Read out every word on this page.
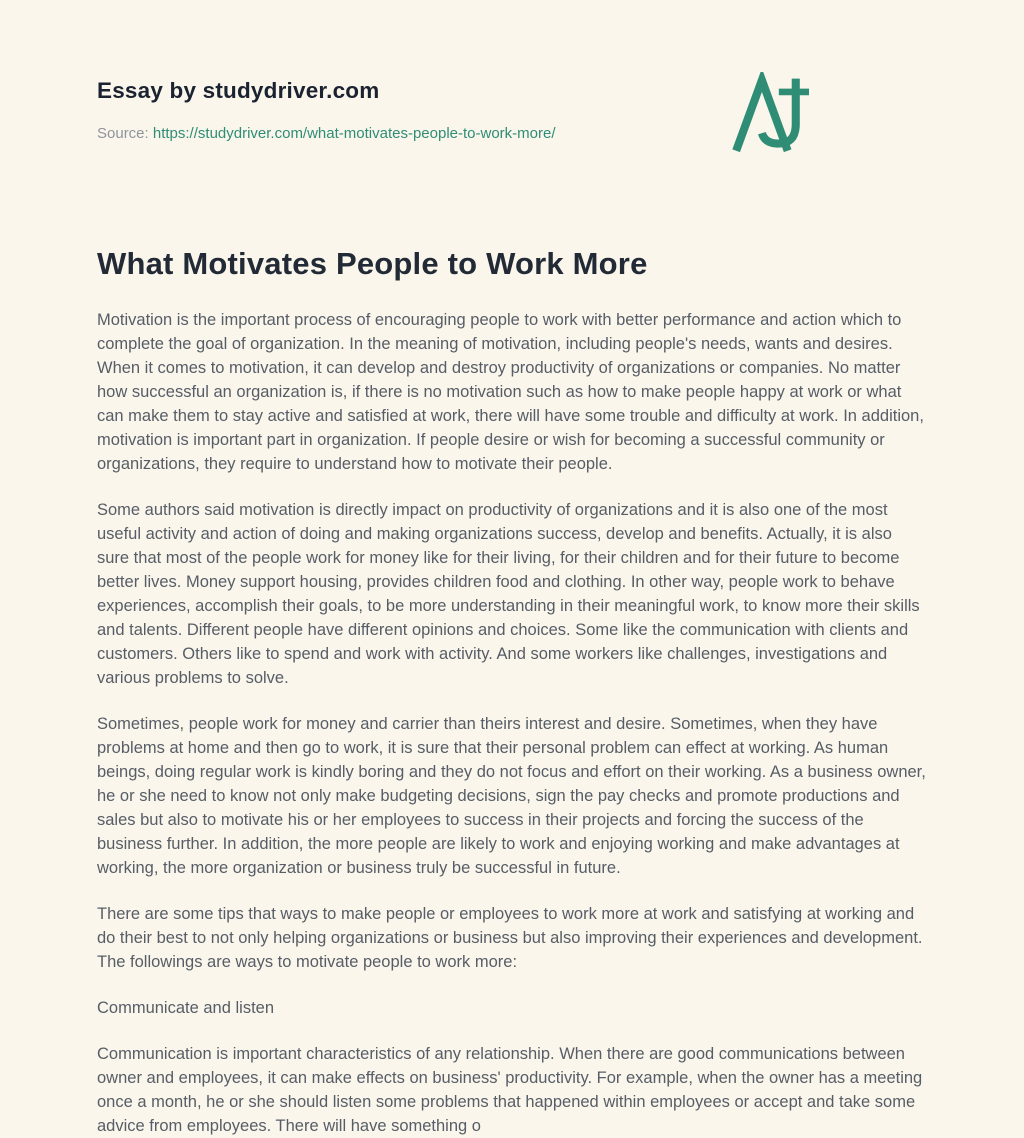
Essay by studydriver.com
Source: https://studydriver.com/what-motivates-people-to-work-more/
What Motivates People to Work More

Motivation is the important process of encouraging people to work with better performance and action which to complete the goal of organization. In the meaning of motivation, including people's needs, wants and desires. When it comes to motivation, it can develop and destroy productivity of organizations or companies. No matter how successful an organization is, if there is no motivation such as how to make people happy at work or what can make them to stay active and satisfied at work, there will have some trouble and difficulty at work. In addition, motivation is important part in organization. If people desire or wish for becoming a successful community or organizations, they require to understand how to motivate their people.

Some authors said motivation is directly impact on productivity of organizations and it is also one of the most useful activity and action of doing and making organizations success, develop and benefits. Actually, it is also sure that most of the people work for money like for their living, for their children and for their future to become better lives. Money support housing, provides children food and clothing. In other way, people work to behave experiences, accomplish their goals, to be more understanding in their meaningful work, to know more their skills and talents. Different people have different opinions and choices. Some like the communication with clients and customers. Others like to spend and work with activity. And some workers like challenges, investigations and various problems to solve.

Sometimes, people work for money and carrier than theirs interest and desire. Sometimes, when they have problems at home and then go to work, it is sure that their personal problem can effect at working. As human beings, doing regular work is kindly boring and they do not focus and effort on their working. As a business owner, he or she need to know not only make budgeting decisions, sign the pay checks and promote productions and sales but also to motivate his or her employees to success in their projects and forcing the success of the business further. In addition, the more people are likely to work and enjoying working and make advantages at working, the more organization or business truly be successful in future.

There are some tips that ways to make people or employees to work more at work and satisfying at working and do their best to not only helping organizations or business but also improving their experiences and development. The followings are ways to motivate people to work more:

Communicate and listen

Communication is important characteristics of any relationship. When there are good communications between owner and employees, it can make effects on business' productivity. For example, when the owner has a meeting once a month, he or she should listen some problems that happened within employees or accept and take some advice from employees. There will have something o
